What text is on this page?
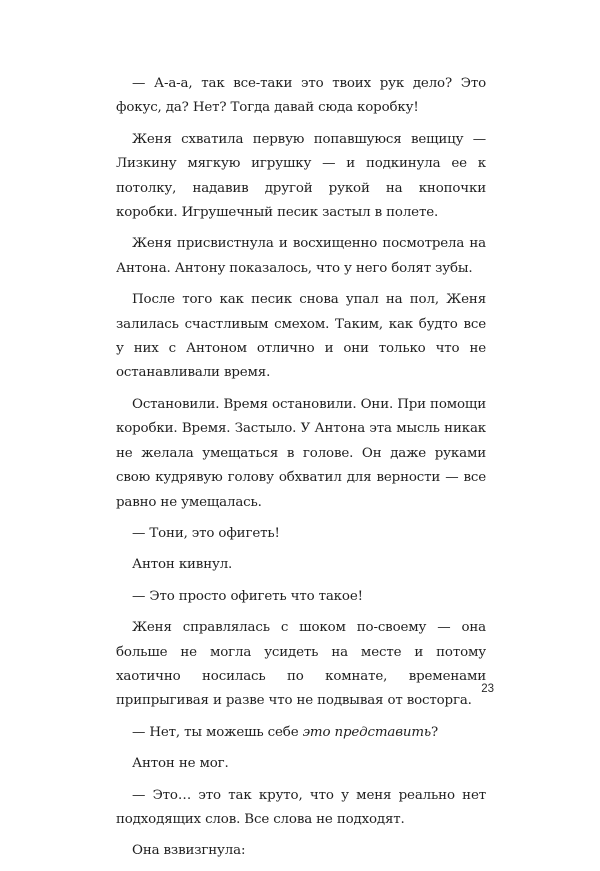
— А-а-а, так все-таки это твоих рук дело? Это фокус, да? Нет? Тогда давай сюда коробку!

Женя схватила первую попавшуюся вещицу — Лизкину мягкую игрушку — и подкинула ее к потолку, надавив другой рукой на кнопочки коробки. Игрушечный песик застыл в полете.

Женя присвистнула и восхищенно посмотрела на Антона. Антону показалось, что у него болят зубы.

После того как песик снова упал на пол, Женя залилась счастливым смехом. Таким, как будто все у них с Антоном отлично и они только что не останавливали время.

Остановили. Время остановили. Они. При помощи коробки. Время. Застыло. У Антона эта мысль никак не желала умещаться в голове. Он даже руками свою кудрявую голову обхватил для верности — все равно не умещалась.

— Тони, это офигеть!

Антон кивнул.

— Это просто офигеть что такое!

Женя справлялась с шоком по-своему — она больше не могла усидеть на месте и потому хаотично носилась по комнате, временами припрыгивая и разве что не подвывая от восторга.

— Нет, ты можешь себе это представить?

Антон не мог.

— Это… это так круто, что у меня реально нет подходящих слов. Все слова не подходят.

Она взвизгнула:

23
